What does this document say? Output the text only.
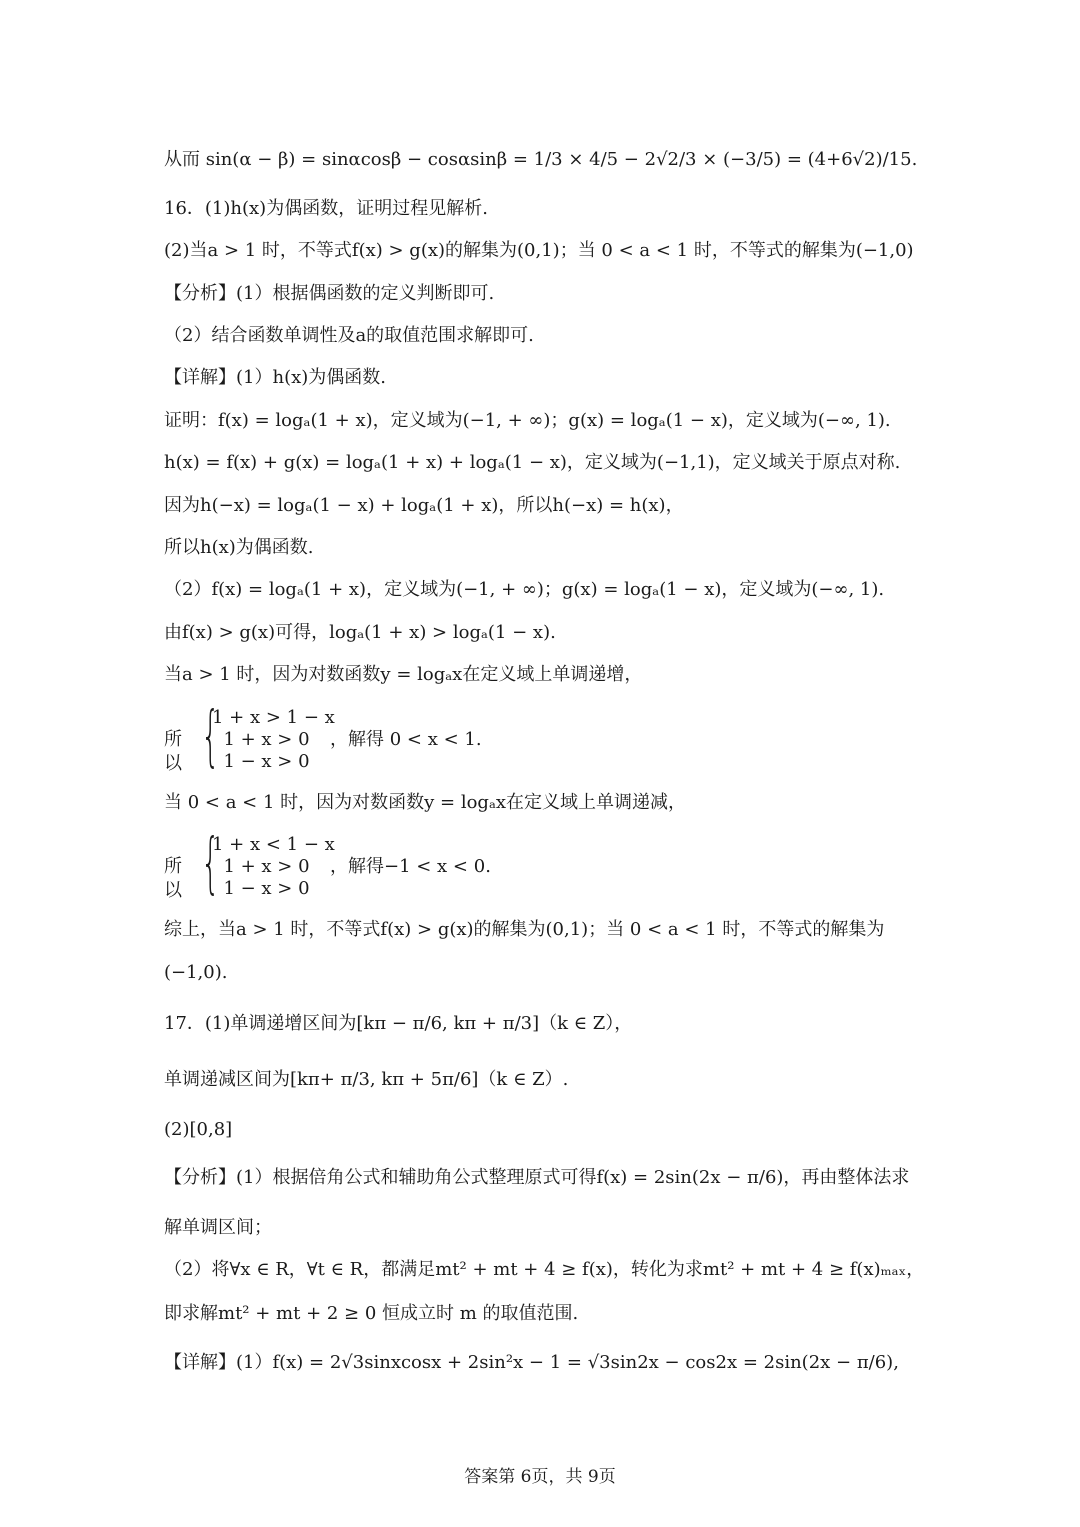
从而 sin(α − β) = sinαcosβ − cosαsinβ = 1/3 × 4/5 − 2√2/3 × (−3/5) = (4+6√2)/15.
16．(1)h(x)为偶函数，证明过程见解析.
(2)当a > 1 时，不等式f(x) > g(x)的解集为(0,1)；当 0 < a < 1 时，不等式的解集为(−1,0)
【分析】(1）根据偶函数的定义判断即可.
（2）结合函数单调性及a的取值范围求解即可.
【详解】(1）h(x)为偶函数.
证明：f(x) = logₐ(1 + x)，定义域为(−1, + ∞)；g(x) = logₐ(1 − x)，定义域为(−∞, 1).
h(x) = f(x) + g(x) = logₐ(1 + x) + logₐ(1 − x)，定义域为(−1,1)，定义域关于原点对称.
因为h(−x) = logₐ(1 − x) + logₐ(1 + x)，所以h(−x) = h(x)，
所以h(x)为偶函数.
（2）f(x) = logₐ(1 + x)，定义域为(−1, + ∞)；g(x) = logₐ(1 − x)，定义域为(−∞, 1).
由f(x) > g(x)可得，logₐ(1 + x) > logₐ(1 − x).
当a > 1 时，因为对数函数y = logₐx在定义域上单调递增，
所以 {
1 + x > 1 − x
1 + x > 0
1 − x > 0
，解得 0 < x < 1.
当 0 < a < 1 时，因为对数函数y = logₐx在定义域上单调递减，
所以 {
1 + x < 1 − x
1 + x > 0
1 − x > 0
，解得−1 < x < 0.
综上，当a > 1 时，不等式f(x) > g(x)的解集为(0,1)；当 0 < a < 1 时，不等式的解集为
(−1,0).
17．(1)单调递增区间为[kπ − π/6, kπ + π/3]（k ∈ Z），
单调递减区间为[kπ+ π/3, kπ + 5π/6]（k ∈ Z）.
(2)[0,8]
【分析】(1）根据倍角公式和辅助角公式整理原式可得f(x) = 2sin(2x − π/6)，再由整体法求
解单调区间；
（2）将∀x ∈ R，∀t ∈ R，都满足mt² + mt + 4 ≥ f(x)，转化为求mt² + mt + 4 ≥ f(x)ₘₐₓ，
即求解mt² + mt + 2 ≥ 0 恒成立时 m 的取值范围.
【详解】(1）f(x) = 2√3sinxcosx + 2sin²x − 1 = √3sin2x − cos2x = 2sin(2x − π/6),
答案第 6页，共 9页
